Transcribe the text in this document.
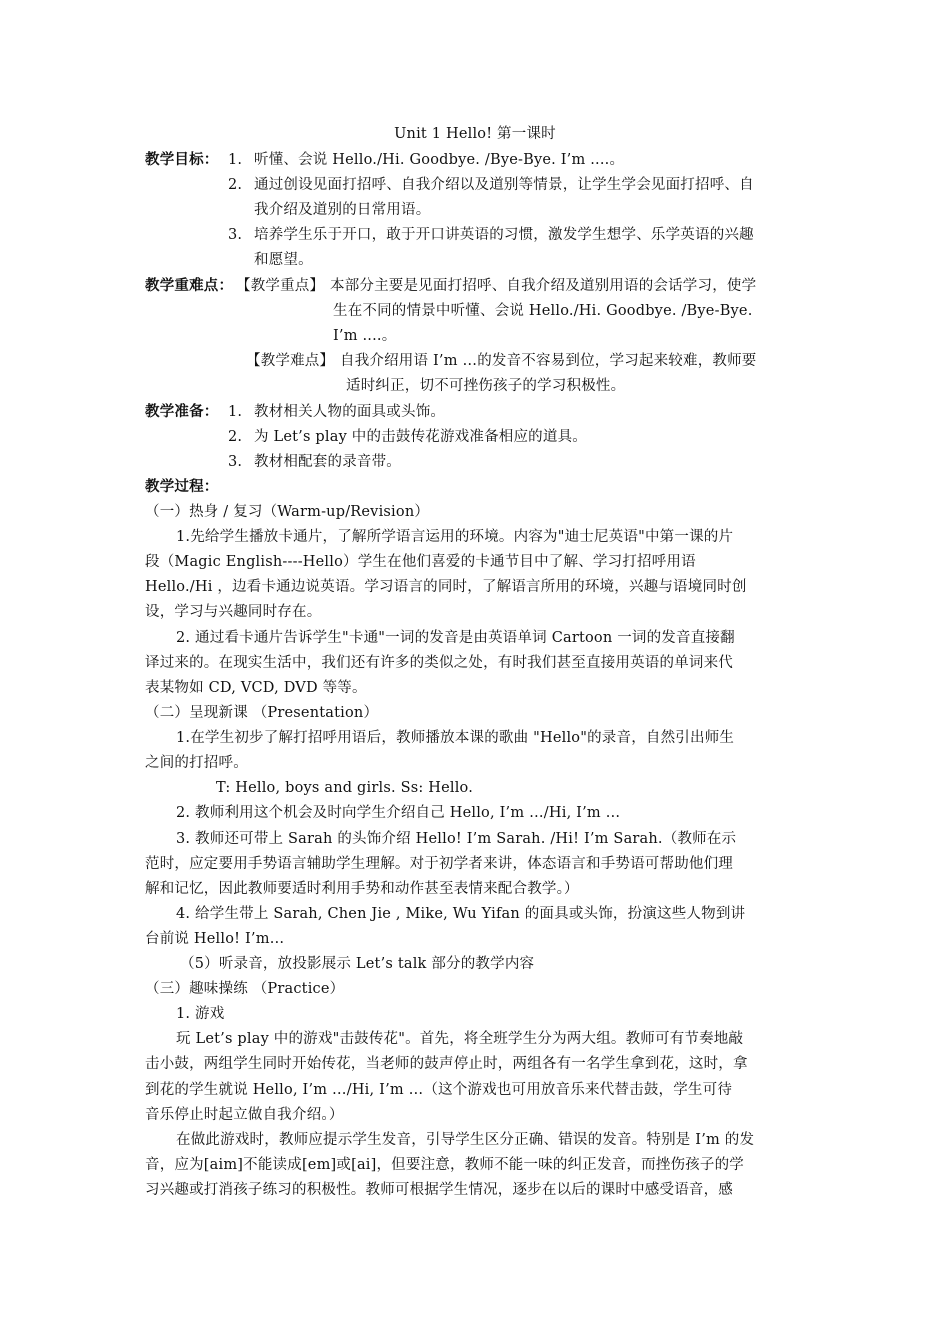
Unit 1 Hello! 第一课时
教学目标： 1. 听懂、会说 Hello./Hi. Goodbye. /Bye-Bye. I’m ....。
2. 通过创设见面打招呼、自我介绍以及道别等情景，让学生学会见面打招呼、自
我介绍及道别的日常用语。
3. 培养学生乐于开口，敢于开口讲英语的习惯，激发学生想学、乐学英语的兴趣
和愿望。
教学重难点： 【教学重点】 本部分主要是见面打招呼、自我介绍及道别用语的会话学习，使学
生在不同的情景中听懂、会说 Hello./Hi. Goodbye. /Bye-Bye.
I’m ....。
【教学难点】 自我介绍用语 I’m …的发音不容易到位，学习起来较难，教师要
适时纠正，切不可挫伤孩子的学习积极性。
教学准备： 1. 教材相关人物的面具或头饰。
2. 为 Let’s play 中的击鼓传花游戏准备相应的道具。
3. 教材相配套的录音带。
教学过程：
（一）热身 / 复习（Warm-up/Revision）
1.先给学生播放卡通片，了解所学语言运用的环境。内容为"迪士尼英语"中第一课的片
段（Magic English----Hello）学生在他们喜爱的卡通节目中了解、学习打招呼用语
Hello./Hi ，边看卡通边说英语。学习语言的同时，了解语言所用的环境，兴趣与语境同时创
设，学习与兴趣同时存在。
2. 通过看卡通片告诉学生"卡通"一词的发音是由英语单词 Cartoon 一词的发音直接翻
译过来的。在现实生活中，我们还有许多的类似之处，有时我们甚至直接用英语的单词来代
表某物如 CD, VCD, DVD 等等。
（二）呈现新课 （Presentation）
1.在学生初步了解打招呼用语后，教师播放本课的歌曲 "Hello"的录音，自然引出师生
之间的打招呼。
T: Hello, boys and girls. Ss: Hello.
2. 教师利用这个机会及时向学生介绍自己 Hello, I’m …/Hi, I’m …
3. 教师还可带上 Sarah 的头饰介绍 Hello! I’m Sarah. /Hi! I’m Sarah.（教师在示
范时，应定要用手势语言辅助学生理解。对于初学者来讲，体态语言和手势语可帮助他们理
解和记忆，因此教师要适时利用手势和动作甚至表情来配合教学。）
4. 给学生带上 Sarah, Chen Jie , Mike, Wu Yifan 的面具或头饰，扮演这些人物到讲
台前说 Hello! I’m…
（5）听录音，放投影展示 Let’s talk 部分的教学内容
（三）趣味操练 （Practice）
1. 游戏
玩 Let’s play 中的游戏"击鼓传花"。首先，将全班学生分为两大组。教师可有节奏地敲
击小鼓，两组学生同时开始传花，当老师的鼓声停止时，两组各有一名学生拿到花，这时，拿
到花的学生就说 Hello, I’m …/Hi, I’m …（这个游戏也可用放音乐来代替击鼓，学生可待
音乐停止时起立做自我介绍。）
在做此游戏时，教师应提示学生发音，引导学生区分正确、错误的发音。特别是 I’m 的发
音，应为[aim]不能读成[em]或[ai]，但要注意，教师不能一味的纠正发音，而挫伤孩子的学
习兴趣或打消孩子练习的积极性。教师可根据学生情况，逐步在以后的课时中感受语音，感
